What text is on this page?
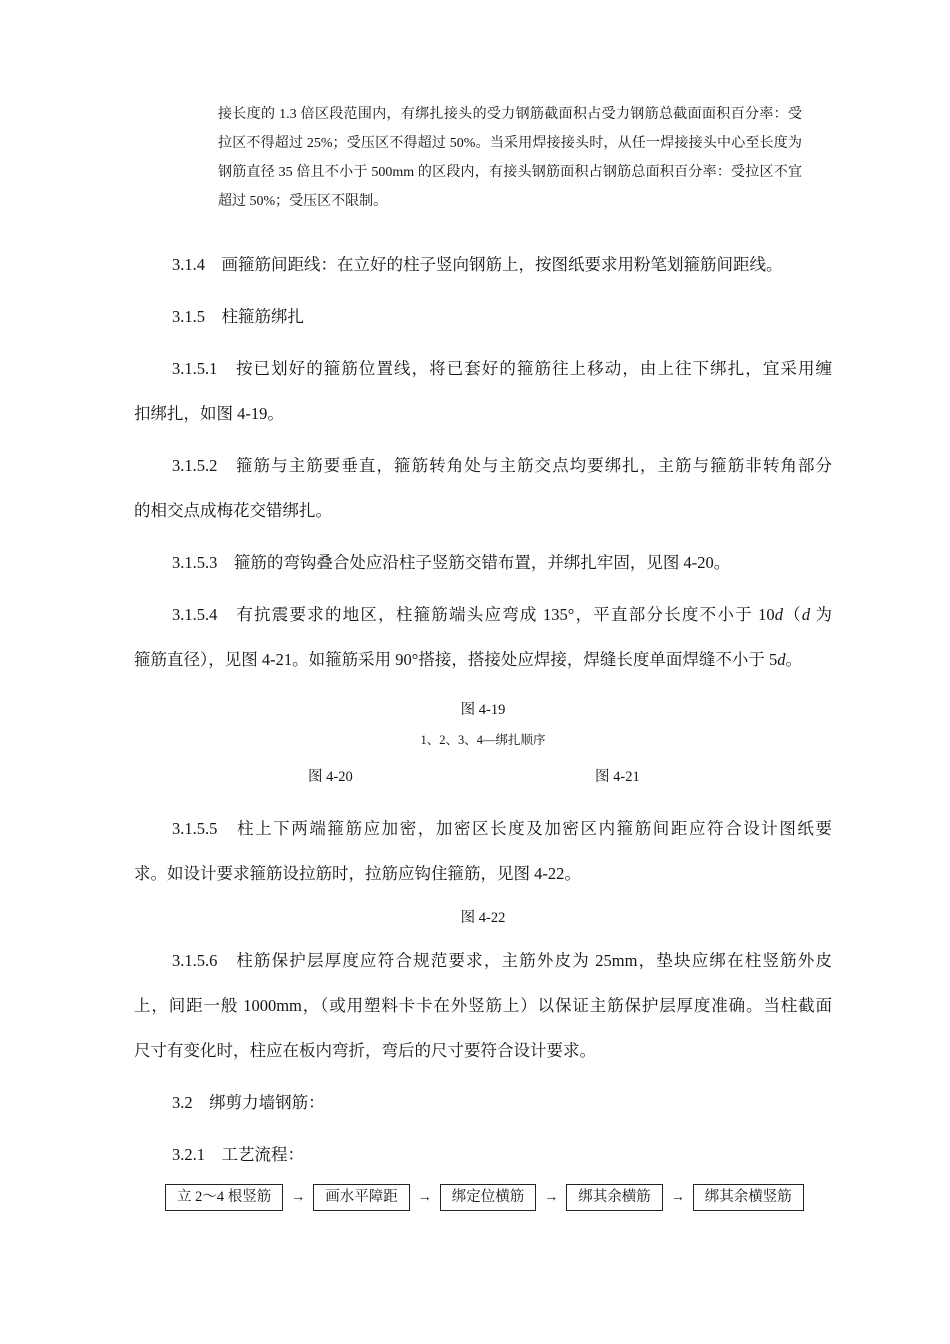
接长度的 1.3 倍区段范围内，有绑扎接头的受力钢筋截面积占受力钢筋总截面面积百分率：受
拉区不得超过 25%；受压区不得超过 50%。当采用焊接接头时，从任一焊接接头中心至长度为
钢筋直径 35 倍且不小于 500mm 的区段内，有接头钢筋面积占钢筋总面积百分率：受拉区不宜
超过 50%；受压区不限制。
3.1.4　画箍筋间距线：在立好的柱子竖向钢筋上，按图纸要求用粉笔划箍筋间距线。
3.1.5　柱箍筋绑扎
3.1.5.1　按已划好的箍筋位置线，将已套好的箍筋往上移动，由上往下绑扎，宜采用缠
扣绑扎，如图 4-19。
3.1.5.2　箍筋与主筋要垂直，箍筋转角处与主筋交点均要绑扎，主筋与箍筋非转角部分
的相交点成梅花交错绑扎。
3.1.5.3　箍筋的弯钩叠合处应沿柱子竖筋交错布置，并绑扎牢固，见图 4-20。
3.1.5.4　有抗震要求的地区，柱箍筋端头应弯成 135°，平直部分长度不小于 10d（d 为
箍筋直径），见图 4-21。如箍筋采用 90°搭接，搭接处应焊接，焊缝长度单面焊缝不小于 5d。
图 4-19
1、2、3、4—绑扎顺序
图 4-20	图 4-21
3.1.5.5　柱上下两端箍筋应加密，加密区长度及加密区内箍筋间距应符合设计图纸要
求。如设计要求箍筋设拉筋时，拉筋应钩住箍筋，见图 4-22。
图 4-22
3.1.5.6　柱筋保护层厚度应符合规范要求，主筋外皮为 25mm，垫块应绑在柱竖筋外皮
上，间距一般 1000mm，（或用塑料卡卡在外竖筋上）以保证主筋保护层厚度准确。当柱截面
尺寸有变化时，柱应在板内弯折，弯后的尺寸要符合设计要求。
3.2　绑剪力墙钢筋：
3.2.1　工艺流程：
立 2～4 根竖筋	→	画水平障距	→	绑定位横筋	→	绑其余横筋	→	绑其余横竖筋
